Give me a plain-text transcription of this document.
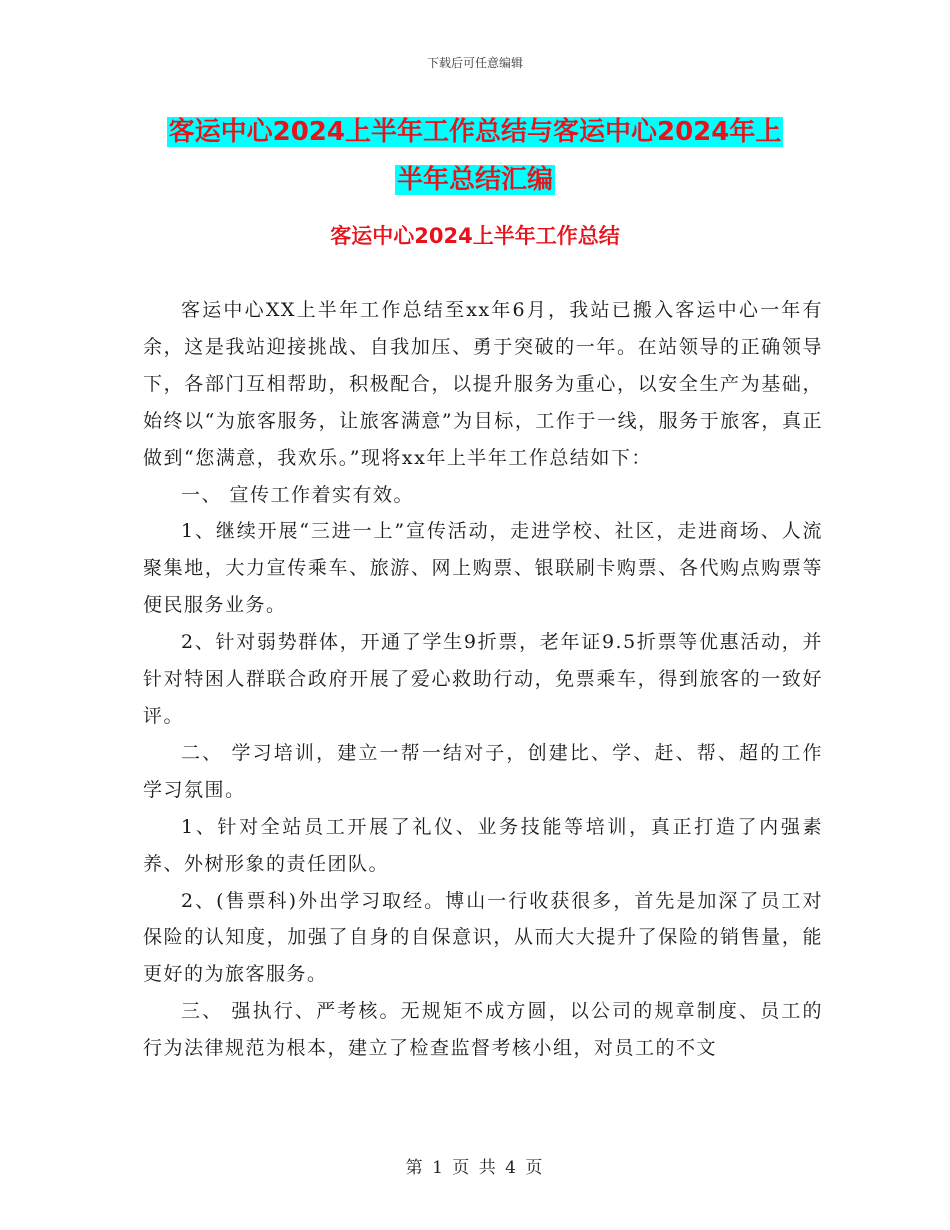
下载后可任意编辑
客运中心2024上半年工作总结与客运中心2024年上
半年总结汇编
客运中心2024上半年工作总结

客运中心XX上半年工作总结至xx年6月，我站已搬入客运中心一年有余，这是我站迎接挑战、自我加压、勇于突破的一年。在站领导的正确领导下，各部门互相帮助，积极配合，以提升服务为重心，以安全生产为基础，始终以“为旅客服务，让旅客满意”为目标，工作于一线，服务于旅客，真正做到“您满意，我欢乐。”现将xx年上半年工作总结如下：

一、 宣传工作着实有效。

1、继续开展“三进一上”宣传活动，走进学校、社区，走进商场、人流聚集地，大力宣传乘车、旅游、网上购票、银联刷卡购票、各代购点购票等便民服务业务。

2、针对弱势群体，开通了学生9折票，老年证9.5折票等优惠活动，并针对特困人群联合政府开展了爱心救助行动，免票乘车，得到旅客的一致好评。

二、 学习培训，建立一帮一结对子，创建比、学、赶、帮、超的工作学习氛围。

1、针对全站员工开展了礼仪、业务技能等培训，真正打造了内强素养、外树形象的责任团队。

2、(售票科)外出学习取经。博山一行收获很多，首先是加深了员工对保险的认知度，加强了自身的自保意识，从而大大提升了保险的销售量，能更好的为旅客服务。

三、 强执行、严考核。无规矩不成方圆，以公司的规章制度、员工的行为法律规范为根本，建立了检查监督考核小组，对员工的不文

第 1 页 共 4 页
